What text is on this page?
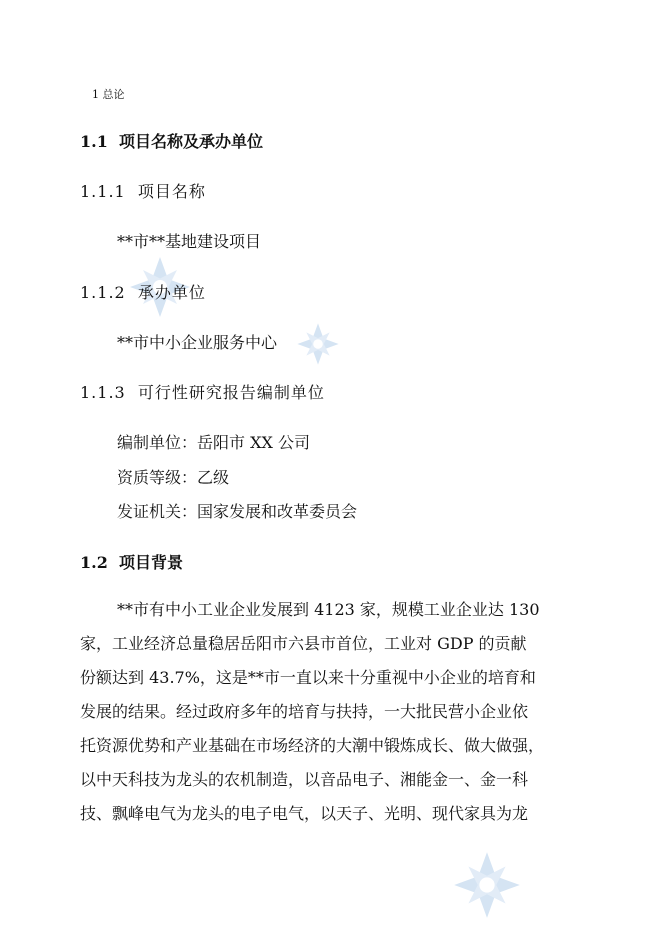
1 总论
1.1 项目名称及承办单位
1.1.1 项目名称
**市**基地建设项目
1.1.2 承办单位
**市中小企业服务中心
1.1.3 可行性研究报告编制单位
编制单位：岳阳市 XX 公司
资质等级：乙级
发证机关：国家发展和改革委员会
1.2 项目背景
**市有中小工业企业发展到 4123 家，规模工业企业达 130
家，工业经济总量稳居岳阳市六县市首位，工业对 GDP 的贡献
份额达到 43.7%，这是**市一直以来十分重视中小企业的培育和
发展的结果。经过政府多年的培育与扶持，一大批民营小企业依
托资源优势和产业基础在市场经济的大潮中锻炼成长、做大做强，
以中天科技为龙头的农机制造，以音品电子、湘能金一、金一科
技、飘峰电气为龙头的电子电气，以天子、光明、现代家具为龙
